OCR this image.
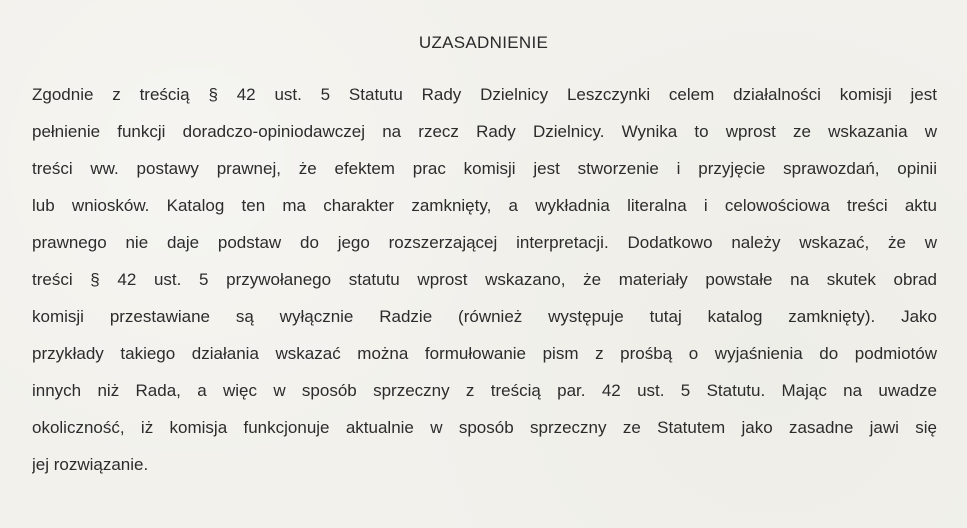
UZASADNIENIE
Zgodnie z treścią § 42 ust. 5 Statutu Rady Dzielnicy Leszczynki celem działalności komisji jest
pełnienie funkcji doradczo-opiniodawczej na rzecz Rady Dzielnicy. Wynika to wprost ze wskazania w
treści ww. postawy prawnej, że efektem prac komisji jest stworzenie i przyjęcie sprawozdań, opinii
lub wniosków. Katalog ten ma charakter zamknięty, a wykładnia literalna i celowościowa treści aktu
prawnego nie daje podstaw do jego rozszerzającej interpretacji. Dodatkowo należy wskazać, że w
treści § 42 ust. 5 przywołanego statutu wprost wskazano, że materiały powstałe na skutek obrad
komisji przestawiane są wyłącznie Radzie (również występuje tutaj katalog zamknięty). Jako
przykłady takiego działania wskazać można formułowanie pism z prośbą o wyjaśnienia do podmiotów
innych niż Rada, a więc w sposób sprzeczny z treścią par. 42 ust. 5 Statutu. Mając na uwadze
okoliczność, iż komisja funkcjonuje aktualnie w sposób sprzeczny ze Statutem jako zasadne jawi się
jej rozwiązanie.
